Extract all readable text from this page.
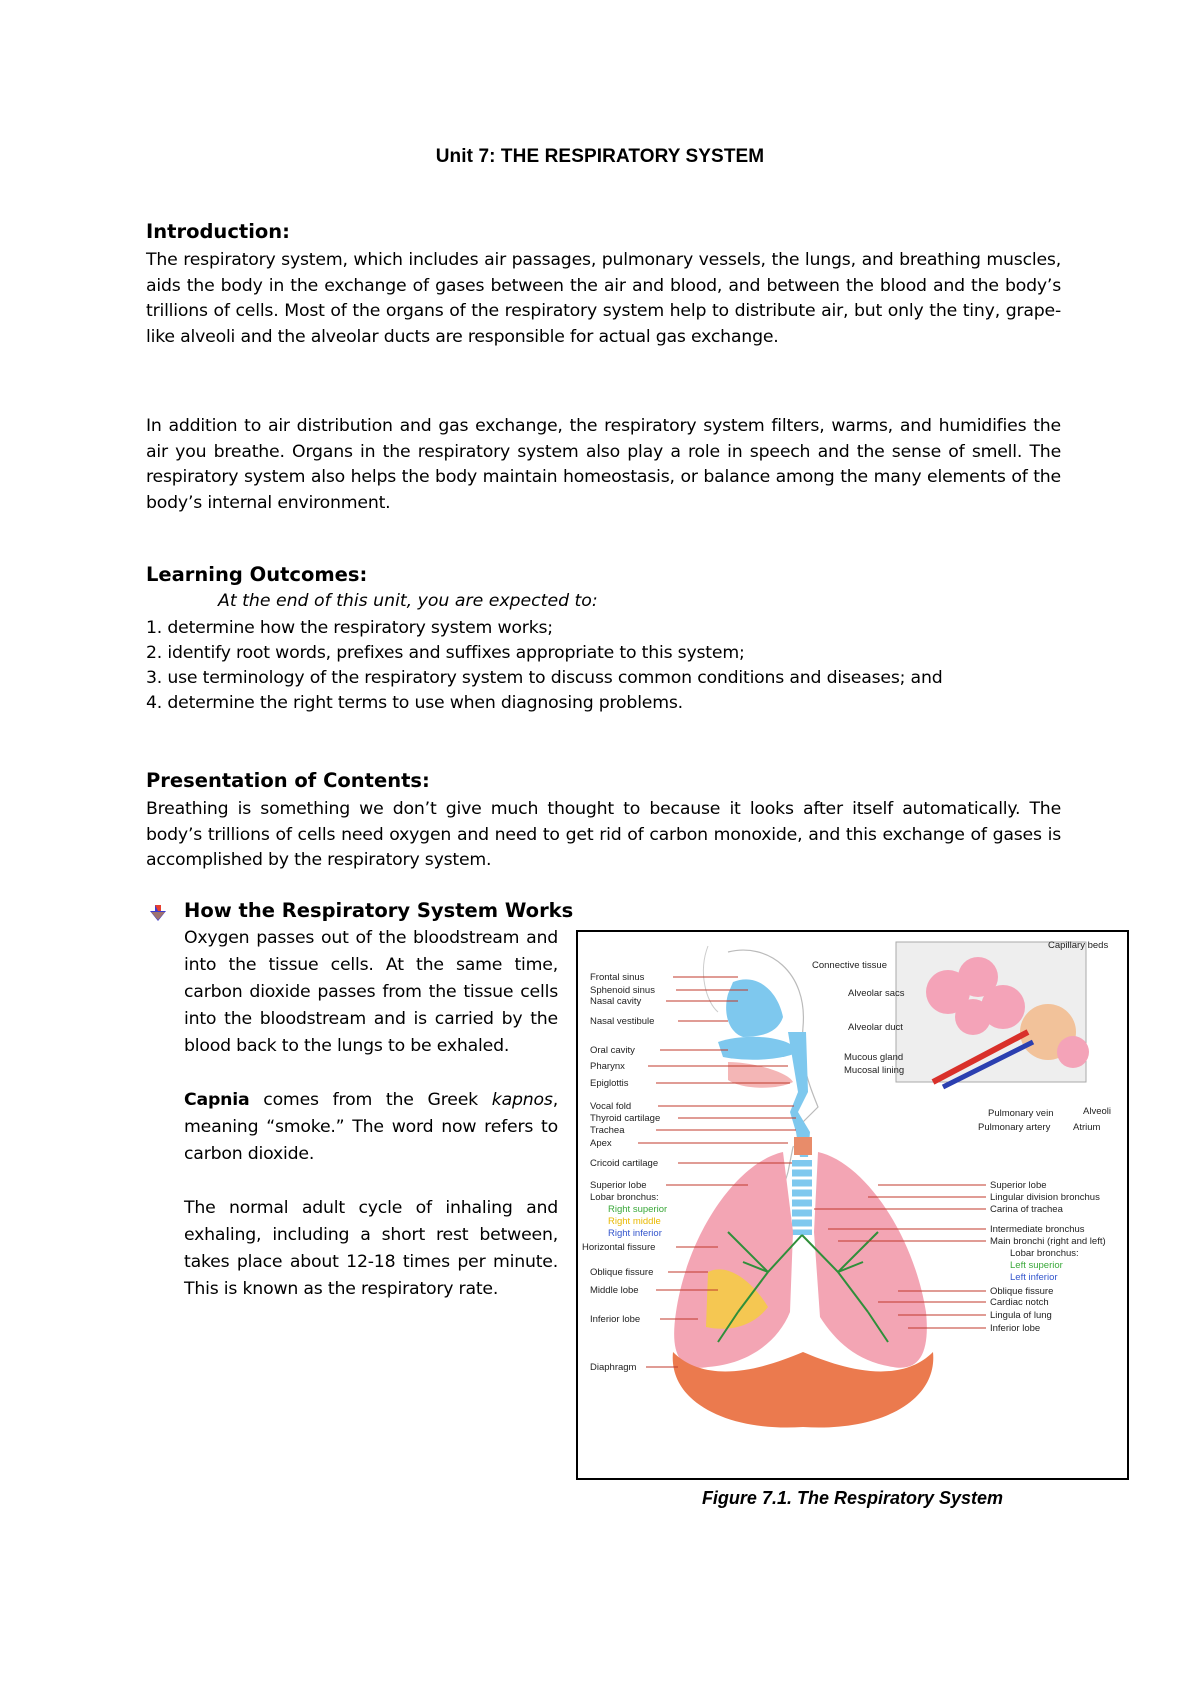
Unit 7: THE RESPIRATORY SYSTEM
Introduction:

The respiratory system, which includes air passages, pulmonary vessels, the lungs, and breathing muscles, aids the body in the exchange of gases between the air and blood, and between the blood and the body’s trillions of cells. Most of the organs of the respiratory system help to distribute air, but only the tiny, grape-like alveoli and the alveolar ducts are responsible for actual gas exchange.

In addition to air distribution and gas exchange, the respiratory system filters, warms, and humidifies the air you breathe. Organs in the respiratory system also play a role in speech and the sense of smell. The respiratory system also helps the body maintain homeostasis, or balance among the many elements of the body’s internal environment.

Learning Outcomes:
At the end of this unit, you are expected to:
1. determine how the respiratory system works;
2. identify root words, prefixes and suffixes appropriate to this system;
3. use terminology of the respiratory system to discuss common conditions and diseases; and
4. determine the right terms to use when diagnosing problems.
Presentation of Contents:
Breathing is something we don’t give much thought to because it looks after itself automatically. The body’s trillions of cells need oxygen and need to get rid of carbon monoxide, and this exchange of gases is accomplished by the respiratory system.
How the Respiratory System Works

Oxygen passes out of the bloodstream and into the tissue cells. At the same time, carbon dioxide passes from the tissue cells into the bloodstream and is carried by the blood back to the lungs to be exhaled.

Capnia comes from the Greek kapnos, meaning “smoke.” The word now refers to carbon dioxide.

The normal adult cycle of inhaling and exhaling, including a short rest between, takes place about 12-18 times per minute. This is known as the respiratory rate.

Frontal sinus
Sphenoid sinus
Nasal cavity
Nasal vestibule
Oral cavity
Pharynx
Epiglottis
Vocal fold
Thyroid cartilage
Trachea
Apex
Cricoid cartilage
Superior lobe
Lobar bronchus:
Right superior
Right middle
Right inferior
Horizontal fissure
Oblique fissure
Middle lobe
Inferior lobe
Diaphragm
Connective tissue
Alveolar sacs
Alveolar duct
Mucous gland
Mucosal lining
Capillary beds
Pulmonary vein
Pulmonary artery
Alveoli
Atrium
Superior lobe
Lingular division bronchus
Carina of trachea
Intermediate bronchus
Main bronchi (right and left)
Lobar bronchus:
Left superior
Left inferior
Oblique fissure
Cardiac notch
Lingula of lung
Inferior lobe
Figure 7.1. The Respiratory System
